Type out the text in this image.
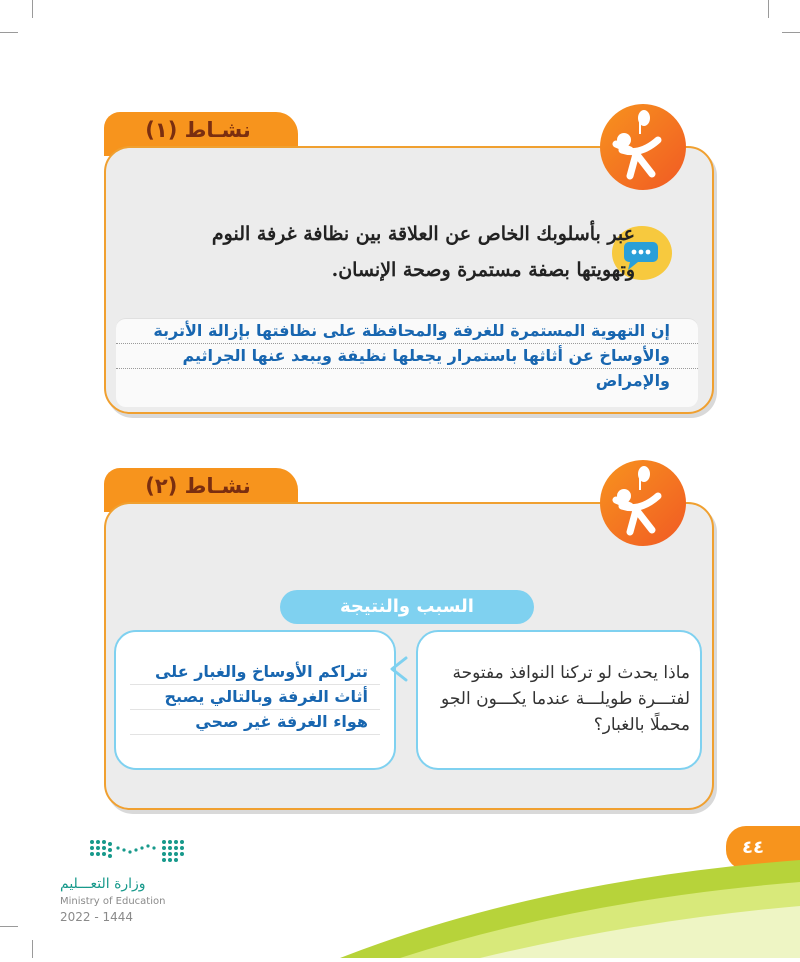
نشـاط (١)
عبر بأسلوبك الخاص عن العلاقة بين نظافة غرفة النوم
وتهويتها بصفة مستمرة وصحة الإنسان.
إن التهوية المستمرة للغرفة والمحافظة على نظافتها بإزالة الأتربة
والأوساخ عن أثاثها باستمرار يجعلها نظيفة ويبعد عنها الجراثيم
والإمراض
نشـاط (٢)
السبب والنتيجة
ماذا يحدث لو تركنا النوافذ مفتوحة
لفتـــرة طويلـــة عندما يكـــون الجو
محملًا بالغبار؟
تتراكم الأوساخ والغبار على
أثاث الغرفة وبالتالي يصبح
هواء الغرفة غير صحي
٤٤
وزارة التعـــليم
Ministry of Education
2022 - 1444
